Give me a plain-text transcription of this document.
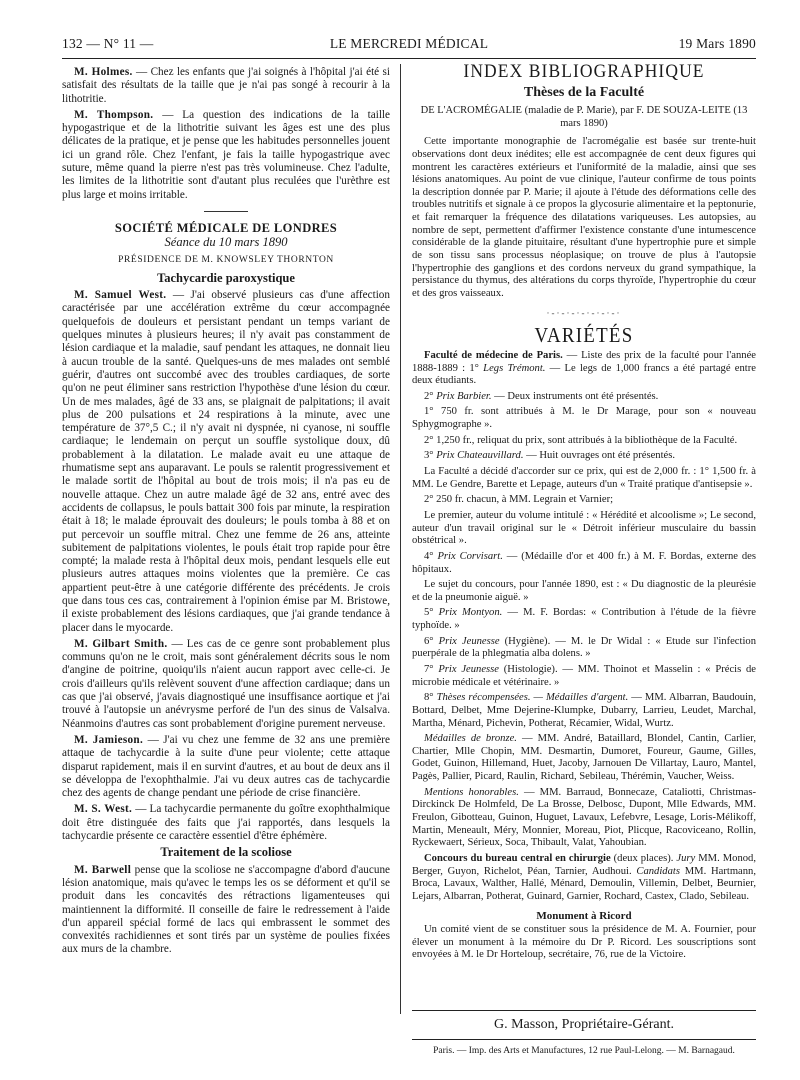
132 — N° 11 —	LE MERCREDI MÉDICAL	19 Mars 1890

M. Holmes. — Chez les enfants que j'ai soignés à l'hôpital j'ai été si satisfait des résultats de la taille que je n'ai pas songé à recourir à la lithotritie.

M. Thompson. — La question des indications de la taille hypogastrique et de la lithotritie suivant les âges est une des plus délicates de la pratique, et je pense que les habitudes personnelles jouent ici un grand rôle. Chez l'enfant, je fais la taille hypogastrique avec suture, même quand la pierre n'est pas très volumineuse. Chez l'adulte, les limites de la lithotritie sont d'autant plus reculées que l'urèthre est plus large et moins irritable.

SOCIÉTÉ MÉDICALE DE LONDRES
Séance du 10 mars 1890
PRÉSIDENCE DE M. KNOWSLEY THORNTON
Tachycardie paroxystique

M. Samuel West. — J'ai observé plusieurs cas d'une affection caractérisée par une accélération extrême du cœur accompagnée quelquefois de douleurs et persistant pendant un temps variant de quelques minutes à plusieurs heures; il n'y avait pas constamment de lésion cardiaque et la maladie, sauf pendant les attaques, ne donnait lieu à aucun trouble de la santé. Quelques-uns de mes malades ont semblé guérir, d'autres ont succombé avec des troubles cardiaques, de sorte qu'on ne peut éliminer sans restriction l'hypothèse d'une lésion du cœur. Un de mes malades, âgé de 33 ans, se plaignait de palpitations; il avait plus de 200 pulsations et 24 respirations à la minute, avec une température de 37°,5 C.; il n'y avait ni dyspnée, ni cyanose, ni souffle cardiaque; le lendemain on perçut un souffle systolique doux, dû probablement à la dilatation. Le malade avait eu une attaque de rhumatisme sept ans auparavant. Le pouls se ralentit progressivement et le malade sortit de l'hôpital au bout de trois mois; il n'a pas eu de nouvelle attaque. Chez un autre malade âgé de 32 ans, entré avec des accidents de collapsus, le pouls battait 300 fois par minute, la respiration était à 18; le malade éprouvait des douleurs; le pouls tomba à 88 et on put percevoir un souffle mitral. Chez une femme de 26 ans, atteinte subitement de palpitations violentes, le pouls était trop rapide pour être compté; la malade resta à l'hôpital deux mois, pendant lesquels elle eut plusieurs autres attaques moins violentes que la première. Ce cas appartient peut-être à une catégorie différente des précédents. Je crois que dans tous ces cas, contrairement à l'opinion émise par M. Bristowe, il existe probablement des lésions cardiaques, que j'ai grande tendance à placer dans le myocarde.

M. Gilbart Smith. — Les cas de ce genre sont probablement plus communs qu'on ne le croit, mais sont généralement décrits sous le nom d'angine de poitrine, quoiqu'ils n'aient aucun rapport avec celle-ci. Je crois d'ailleurs qu'ils relèvent souvent d'une affection cardiaque; dans un cas que j'ai observé, j'avais diagnostiqué une insuffisance aortique et j'ai trouvé à l'autopsie un anévrysme perforé de l'un des sinus de Valsalva. Néanmoins d'autres cas sont probablement d'origine purement nerveuse.

M. Jamieson. — J'ai vu chez une femme de 32 ans une première attaque de tachycardie à la suite d'une peur violente; cette attaque disparut rapidement, mais il en survint d'autres, et au bout de deux ans il se développa de l'exophthalmie. J'ai vu deux autres cas de tachycardie chez des agents de change pendant une période de crise financière.

M. S. West. — La tachycardie permanente du goître exophthalmique doit être distinguée des faits que j'ai rapportés, dans lesquels la tachycardie présente ce caractère essentiel d'être éphémère.

Traitement de la scoliose

M. Barwell pense que la scoliose ne s'accompagne d'abord d'aucune lésion anatomique, mais qu'avec le temps les os se déforment et qu'il se produit dans les concavités des rétractions ligamenteuses qui maintiennent la difformité. Il conseille de faire le redressement à l'aide d'un appareil spécial formé de lacs qui embrassent le sommet des convexités rachidiennes et sont tirés par un système de poulies fixées aux murs de la chambre.

INDEX BIBLIOGRAPHIQUE
Thèses de la Faculté
DE L'ACROMÉGALIE (maladie de P. Marie), par F. DE SOUZA-LEITE (13 mars 1890)

Cette importante monographie de l'acromégalie est basée sur trente-huit observations dont deux inédites; elle est accompagnée de cent deux figures qui montrent les caractères extérieurs et l'uniformité de la maladie, ainsi que ses lésions anatomiques. Au point de vue clinique, l'auteur confirme de tous points la description donnée par P. Marie; il ajoute à l'étude des déformations celle des troubles nutritifs et signale à ce propos la glycosurie alimentaire et la peptonurie, et fait remarquer la fréquence des dilatations variqueuses. Les autopsies, au nombre de sept, permettent d'affirmer l'existence constante d'une intumescence considérable de la glande pituitaire, résultant d'une hypertrophie pure et simple de son tissu sans processus néoplasique; on trouve de plus à l'autopsie l'hypertrophie des ganglions et des cordons nerveux du grand sympathique, la persistance du thymus, des altérations du corps thyroïde, l'hypertrophie du cœur et des gros vaisseaux.

·-·-·-·-·-·-·-·
VARIÉTÉS

Faculté de médecine de Paris. — Liste des prix de la faculté pour l'année 1888-1889 : 1° Legs Trémont. — Le legs de 1,000 francs a été partagé entre deux étudiants.

2° Prix Barbier. — Deux instruments ont été présentés.

1° 750 fr. sont attribués à M. le Dr Marage, pour son « nouveau Sphygmographe ».

2° 1,250 fr., reliquat du prix, sont attribués à la bibliothèque de la Faculté.

3° Prix Chateauvillard. — Huit ouvrages ont été présentés.

La Faculté a décidé d'accorder sur ce prix, qui est de 2,000 fr. : 1° 1,500 fr. à MM. Le Gendre, Barette et Lepage, auteurs d'un « Traité pratique d'antisepsie ».

2° 250 fr. chacun, à MM. Legrain et Varnier;

Le premier, auteur du volume intitulé : « Hérédité et alcoolisme »; Le second, auteur d'un travail original sur le « Détroit inférieur musculaire du bassin obstétrical ».

4° Prix Corvisart. — (Médaille d'or et 400 fr.) à M. F. Bordas, externe des hôpitaux.

Le sujet du concours, pour l'année 1890, est : « Du diagnostic de la pleurésie et de la pneumonie aiguë. »

5° Prix Montyon. — M. F. Bordas: « Contribution à l'étude de la fièvre typhoïde. »

6° Prix Jeunesse (Hygiène). — M. le Dr Widal : « Etude sur l'infection puerpérale de la phlegmatia alba dolens. »

7° Prix Jeunesse (Histologie). — MM. Thoinot et Masselin : « Précis de microbie médicale et vétérinaire. »

8° Thèses récompensées. — Médailles d'argent. — MM. Albarran, Baudouin, Bottard, Delbet, Mme Dejerine-Klumpke, Dubarry, Larrieu, Leudet, Marchal, Martha, Ménard, Pichevin, Potherat, Récamier, Widal, Wurtz.

Médailles de bronze. — MM. André, Bataillard, Blondel, Cantin, Carlier, Chartier, Mlle Chopin, MM. Desmartin, Dumoret, Foureur, Gaume, Gilles, Godet, Guinon, Hillemand, Huet, Jacoby, Jarnouen De Villartay, Lauro, Mantel, Pagès, Pallier, Picard, Raulin, Richard, Sebileau, Thérémin, Vaucher, Weiss.

Mentions honorables. — MM. Barraud, Bonnecaze, Cataliotti, Christmas-Dirckinck De Holmfeld, De La Brosse, Delbosc, Dupont, Mlle Edwards, MM. Freulon, Gibotteau, Guinon, Huguet, Lavaux, Lefebvre, Lesage, Loris-Mélikoff, Martin, Meneault, Méry, Monnier, Moreau, Piot, Plicque, Racoviceano, Rollin, Ryckewaert, Sérieux, Soca, Thibault, Valat, Yahoubian.

Concours du bureau central en chirurgie (deux places). Jury MM. Monod, Berger, Guyon, Richelot, Péan, Tarnier, Audhoui. Candidats MM. Hartmann, Broca, Lavaux, Walther, Hallé, Ménard, Demoulin, Villemin, Delbet, Beurnier, Lejars, Albarran, Potherat, Guinard, Garnier, Rochard, Castex, Clado, Sebileau.

Monument à Ricord

Un comité vient de se constituer sous la présidence de M. A. Fournier, pour élever un monument à la mémoire du Dr P. Ricord. Les souscriptions sont envoyées à M. le Dr Horteloup, secrétaire, 76, rue de la Victoire.

G. Masson, Propriétaire-Gérant.
Paris. — Imp. des Arts et Manufactures, 12 rue Paul-Lelong. — M. Barnagaud.
